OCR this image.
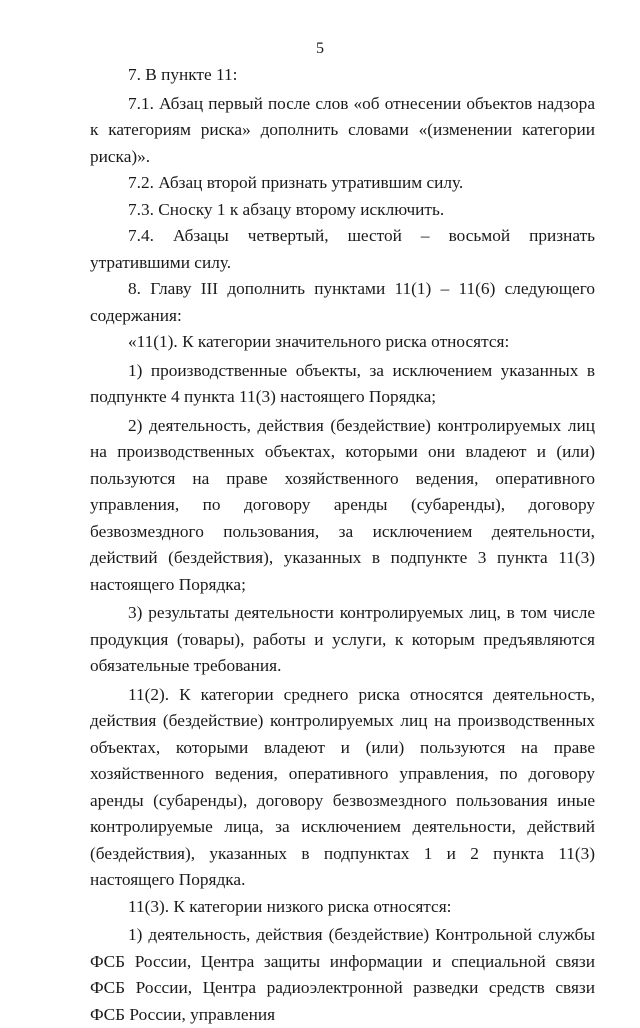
5

7. В пункте 11:

7.1. Абзац первый после слов «об отнесении объектов надзора к категориям риска» дополнить словами «(изменении категории риска)».

7.2. Абзац второй признать утратившим силу.

7.3. Сноску 1 к абзацу второму исключить.

7.4. Абзацы четвертый, шестой – восьмой признать утратившими силу.

8. Главу III дополнить пунктами 11(1) – 11(6) следующего содержания:

«11(1). К категории значительного риска относятся:

1) производственные объекты, за исключением указанных в подпункте 4 пункта 11(3) настоящего Порядка;

2) деятельность, действия (бездействие) контролируемых лиц на производственных объектах, которыми они владеют и (или) пользуются на праве хозяйственного ведения, оперативного управления, по договору аренды (субаренды), договору безвозмездного пользования, за исключением деятельности, действий (бездействия), указанных в подпункте 3 пункта 11(3) настоящего Порядка;

3) результаты деятельности контролируемых лиц, в том числе продукция (товары), работы и услуги, к которым предъявляются обязательные требования.

11(2). К категории среднего риска относятся деятельность, действия (бездействие) контролируемых лиц на производственных объектах, которыми владеют и (или) пользуются на праве хозяйственного ведения, оперативного управления, по договору аренды (субаренды), договору безвозмездного пользования иные контролируемые лица, за исключением деятельности, действий (бездействия), указанных в подпунктах 1 и 2 пункта 11(3) настоящего Порядка.

11(3). К категории низкого риска относятся:

1) деятельность, действия (бездействие) Контрольной службы ФСБ России, Центра защиты информации и специальной связи ФСБ России, Центра радиоэлектронной разведки средств связи ФСБ России, управления
